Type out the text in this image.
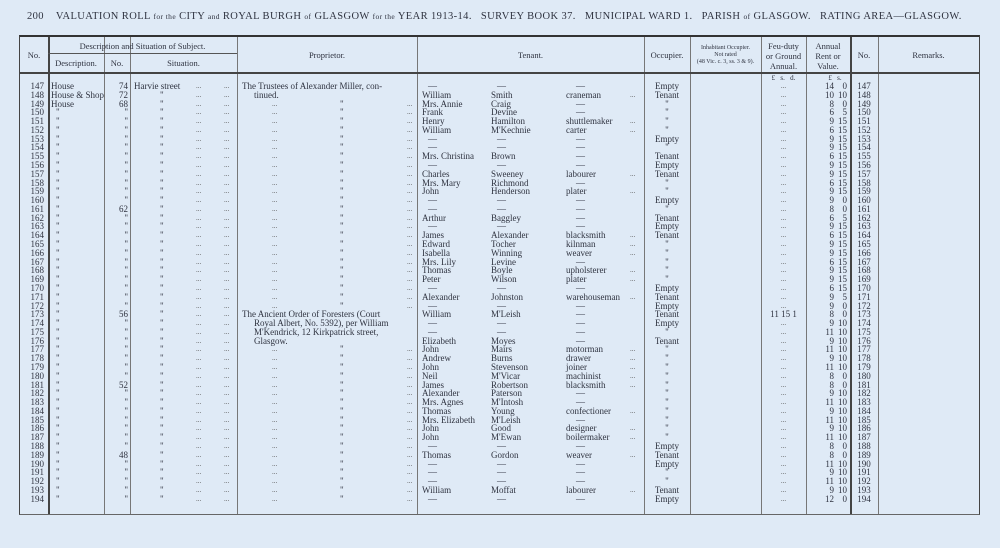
200 VALUATION ROLL for the CITY and ROYAL BURGH of GLASGOW for the YEAR 1913-14. SURVEY BOOK 37. MUNICIPAL WARD 1. PARISH of GLASGOW. RATING AREA—GLASGOW.
No.
Description and Situation of Subject.
Description.	No.	Situation.
Proprietor.	Tenant.	Occupier.
Inhabitant Occupier.
Not rated
(48 Vic. c. 3, ss. 3 & 9).
Feu-duty
or Ground
Annual.
Annual
Rent or
Value.
No.	Remarks.
£ s. d.	£ s.
147 House	74 Harvie street ...	... The Trustees of Alexander Miller, con-	—	—	—	Empty	...	14 0	147
148 House & Shop	72	"	...	...	tinued.	William	Smith	craneman	...	Tenant	...	10 10	148
149 House	68	"	...	...	...	"	... Mrs. Annie	Craig	—	"	...	8 0	149
150 "	"	"	...	...	...	"	... Frank	Devine	—	"	...	6 5	150
151 "	"	"	...	...	...	"	... Henry	Hamilton	shuttlemaker	...	"	...	9 15	151
152 "	"	"	...	...	...	"	... William	M'Kechnie	carter	...	"	...	6 15	152
153 "	"	"	...	...	...	"	... —	—	—	Empty	...	9 15	153
154 "	"	"	...	...	...	"	... —	—	—	"	...	9 15	154
155 "	"	"	...	...	...	"	... Mrs. Christina Brown	—	Tenant	...	6 15	155
156 "	"	"	...	...	...	"	... —	—	—	Empty	...	9 15	156
157 "	"	"	...	...	...	"	... Charles	Sweeney	labourer	...	Tenant	...	9 15	157
158 "	"	"	...	...	...	"	... Mrs. Mary	Richmond	—	"	...	6 15	158
159 "	"	"	...	...	...	"	... John	Henderson	plater	...	"	...	9 15	159
160 "	"	"	...	...	...	"	... —	—	—	Empty	...	9 0	160
161 "	62	"	...	...	...	"	... —	—	—	"	...	8 0	161
162 "	"	"	...	...	...	"	... Arthur	Baggley	—	Tenant	...	6 5	162
163 "	"	"	...	...	...	"	... —	—	—	Empty	...	9 15	163
164 "	"	"	...	...	...	"	... James	Alexander	blacksmith	...	Tenant	...	6 15	164
165 "	"	"	...	...	...	"	... Edward	Tocher	kilnman	...	"	...	9 15	165
166 "	"	"	...	...	...	"	... Isabella	Winning	weaver	...	"	...	9 15	166
167 "	"	"	...	...	...	"	... Mrs. Lily	Levine	—	"	...	6 15	167
168 "	"	"	...	...	...	"	... Thomas	Boyle	upholsterer	...	"	...	9 15	168
169 "	"	"	...	...	...	"	... Peter	Wilson	plater	...	"	...	9 15	169
170 "	"	"	...	...	...	"	... —	—	—	Empty	...	6 15	170
171 "	"	"	...	...	...	"	... Alexander	Johnston	warehouseman ...	Tenant	...	9 5	171
172 "	"	"	...	...	...	"	... —	—	—	Empty	...	9 0	172
173 "	56	"	...	... The Ancient Order of Foresters (Court	William	M'Leish	—	Tenant	11 15 1	8 0	173
174 "	"	"	...	...	Royal Albert, No. 5392), per William	—	—	—	Empty	...	9 10	174
175 "	"	"	...	...	M'Kendrick, 12 Kirkpatrick street,	—	—	—	"	...	11 10	175
176 "	"	"	...	...	Glasgow.	Elizabeth	Moyes	—	Tenant	...	9 10	176
177 "	"	"	...	...	...	"	... John	Mairs	motorman	...	"	...	11 10	177
178 "	"	"	...	...	...	"	... Andrew	Burns	drawer	...	"	...	9 10	178
179 "	"	"	...	...	...	"	... John	Stevenson	joiner	...	"	...	11 10	179
180 "	"	"	...	...	...	"	... Neil	M'Vicar	machinist	...	"	...	8 0	180
181 "	52	"	...	...	...	"	... James	Robertson	blacksmith	...	"	...	8 0	181
182 "	"	"	...	...	...	"	... Alexander	Paterson	—	"	...	9 10	182
183 "	"	"	...	...	...	"	... Mrs. Agnes	M'Intosh	—	"	...	11 10	183
184 "	"	"	...	...	...	"	... Thomas	Young	confectioner	...	"	...	9 10	184
185 "	"	"	...	...	...	"	... Mrs. Elizabeth M'Leish	—	"	...	11 10	185
186 "	"	"	...	...	...	"	... John	Good	designer	...	"	...	9 10	186
187 "	"	"	...	...	...	"	... John	M'Ewan	boilermaker	...	"	...	11 10	187
188 "	"	"	...	...	...	"	... —	—	—	Empty	...	8 0	188
189 "	48	"	...	...	...	"	... Thomas	Gordon	weaver	...	Tenant	...	8 0	189
190 "	"	"	...	...	...	"	... —	—	—	Empty	...	11 10	190
191 "	"	"	...	...	...	"	... —	—	—	"	...	9 10	191
192 "	"	"	...	...	...	"	... —	—	—	"	...	11 10	192
193 "	"	"	...	...	...	"	... William	Moffat	labourer	...	Tenant	...	9 10	193
194 "	"	"	...	...	...	"	... —	—	—	Empty	...	12 0	194
